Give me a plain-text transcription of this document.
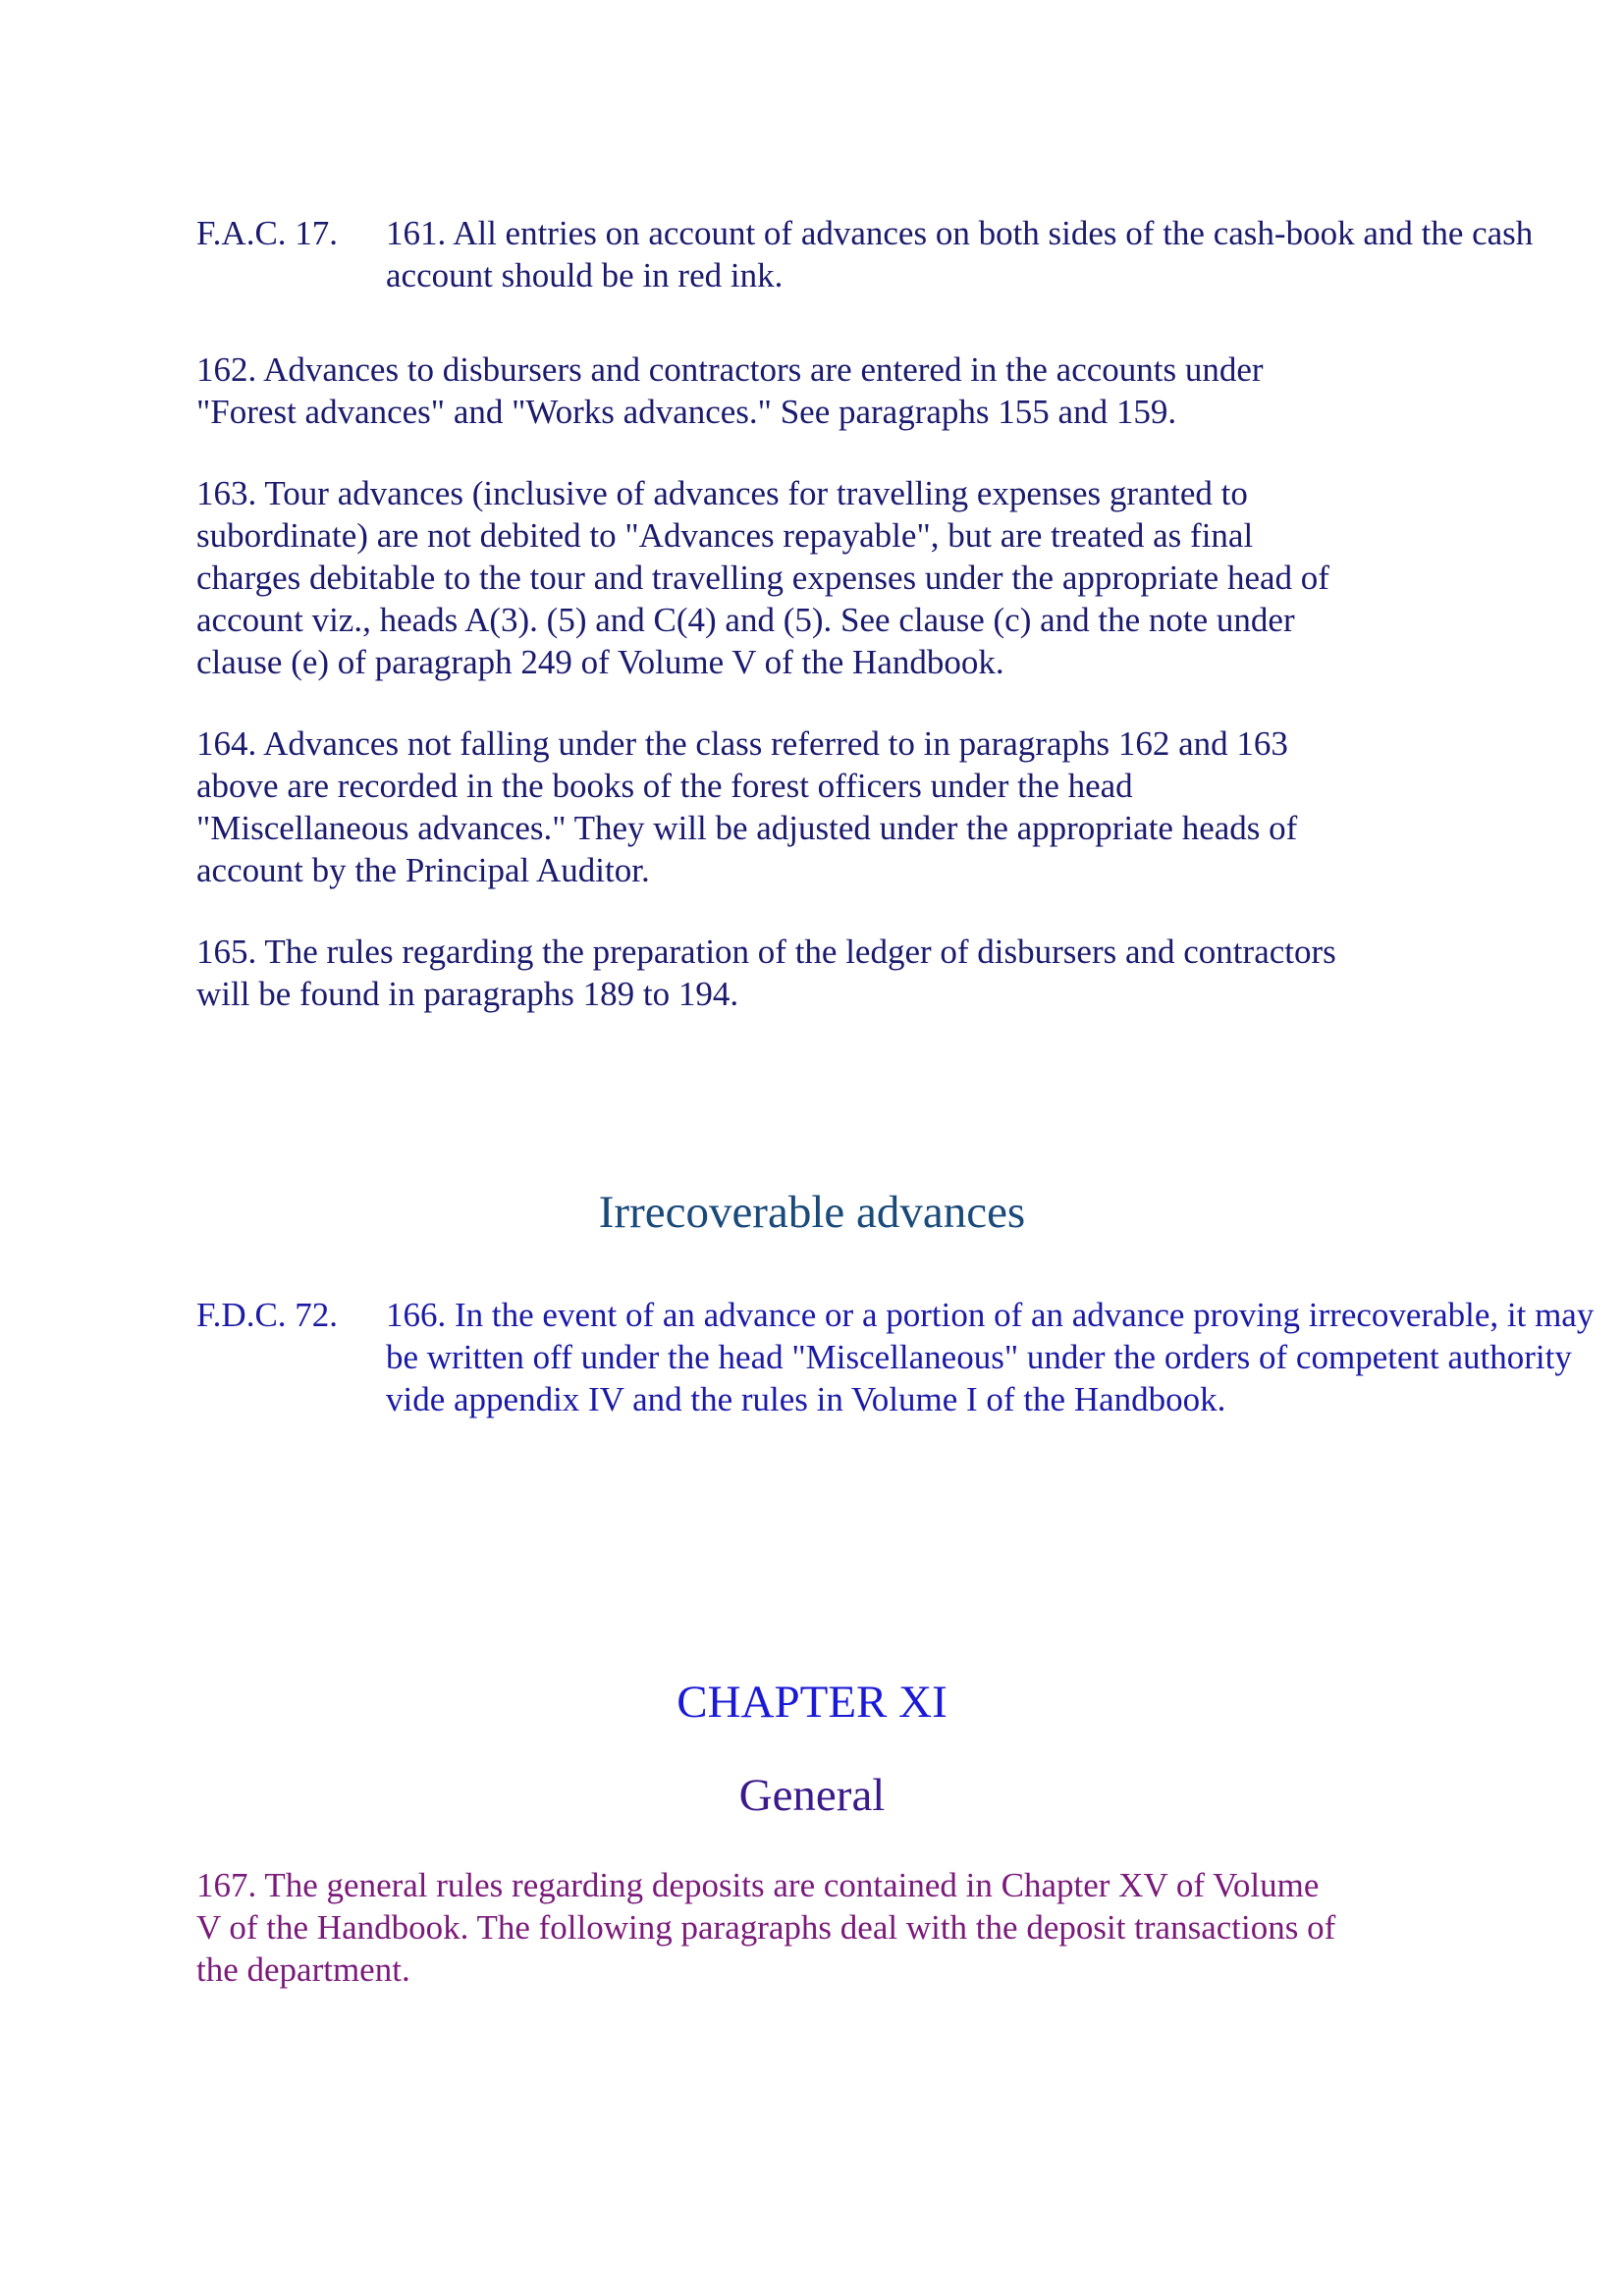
F.A.C. 17. 161. All entries on account of advances on both sides of the cash-book and the cash
account should be in red ink.
162. Advances to disbursers and contractors are entered in the accounts under
"Forest advances" and "Works advances." See paragraphs 155 and 159.
163. Tour advances (inclusive of advances for travelling expenses granted to
subordinate) are not debited to "Advances repayable", but are treated as final
charges debitable to the tour and travelling expenses under the appropriate head of
account viz., heads A(3). (5) and C(4) and (5). See clause (c) and the note under
clause (e) of paragraph 249 of Volume V of the Handbook.
164. Advances not falling under the class referred to in paragraphs 162 and 163
above are recorded in the books of the forest officers under the head
"Miscellaneous advances." They will be adjusted under the appropriate heads of
account by the Principal Auditor.
165. The rules regarding the preparation of the ledger of disbursers and contractors
will be found in paragraphs 189 to 194.
Irrecoverable advances
F.D.C. 72. 166. In the event of an advance or a portion of an advance proving irrecoverable, it may
be written off under the head "Miscellaneous" under the orders of competent authority
vide appendix IV and the rules in Volume I of the Handbook.
CHAPTER XI
General
167. The general rules regarding deposits are contained in Chapter XV of Volume
V of the Handbook. The following paragraphs deal with the deposit transactions of
the department.
